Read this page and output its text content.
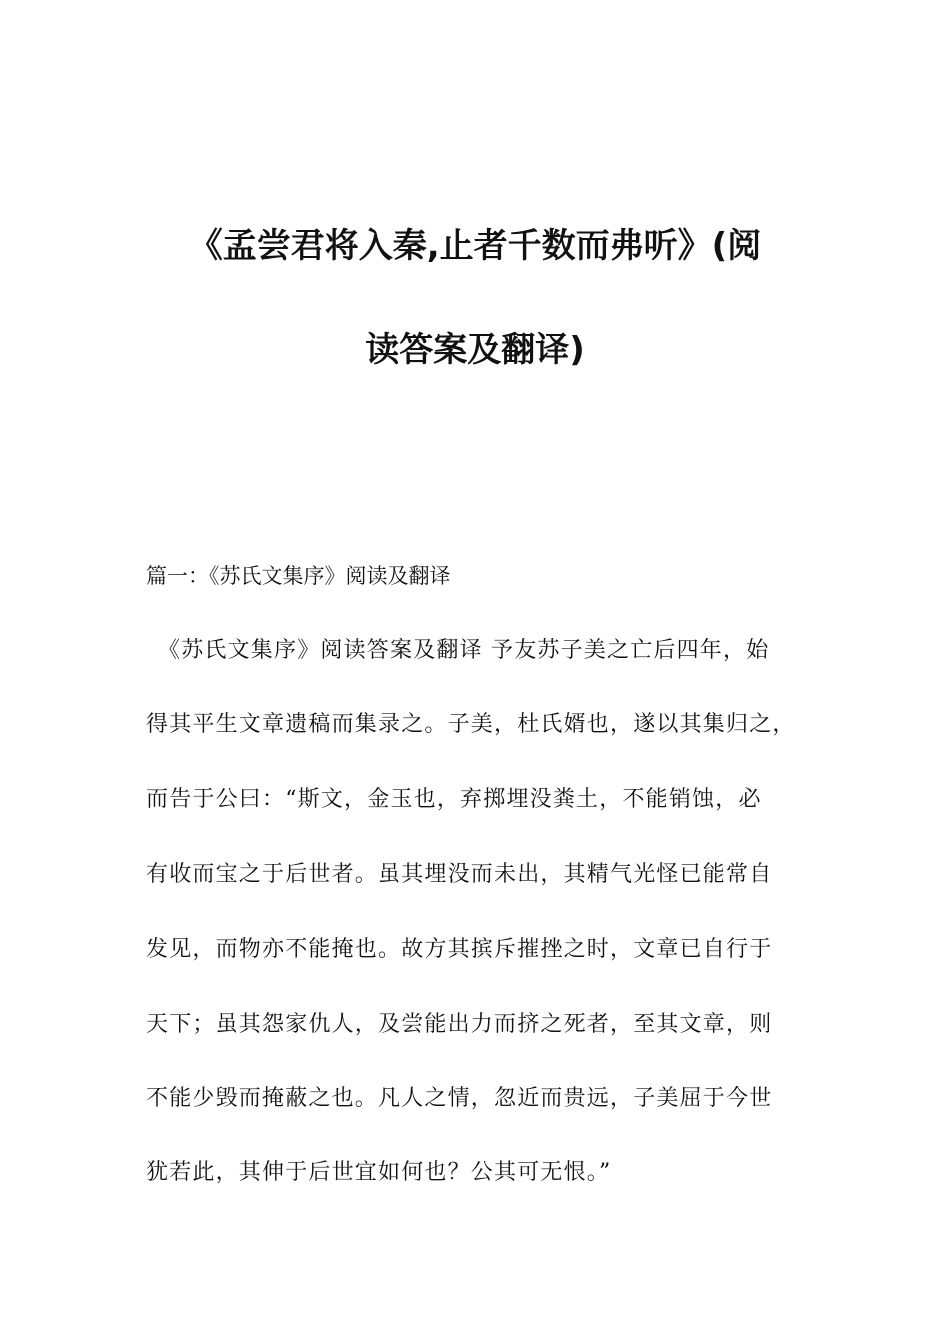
《孟尝君将入秦,止者千数而弗听》(阅
读答案及翻译)
篇一：《苏氏文集序》阅读及翻译
《苏氏文集序》阅读答案及翻译 予友苏子美之亡后四年，始
得其平生文章遗稿而集录之。子美，杜氏婿也，遂以其集归之，
而告于公曰：“斯文，金玉也，弃掷埋没粪土，不能销蚀，必
有收而宝之于后世者。虽其埋没而未出，其精气光怪已能常自
发见，而物亦不能掩也。故方其摈斥摧挫之时，文章已自行于
天下；虽其怨家仇人，及尝能出力而挤之死者，至其文章，则
不能少毁而掩蔽之也。凡人之情，忽近而贵远，子美屈于今世
犹若此，其伸于后世宜如何也？公其可无恨。”
